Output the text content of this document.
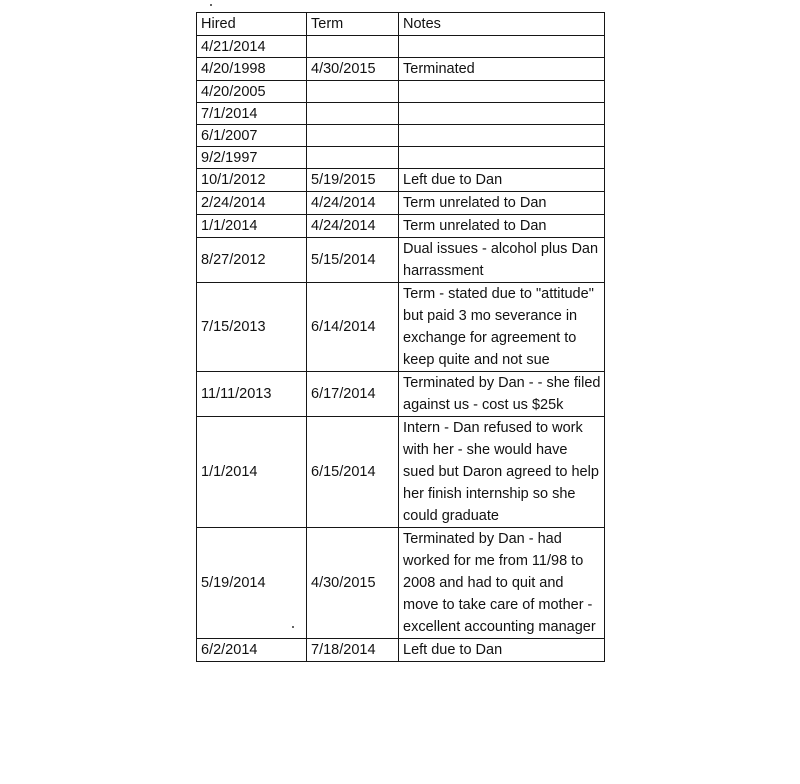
Hired	Term	Notes
4/21/2014		
4/20/1998	4/30/2015	Terminated
4/20/2005		
7/1/2014		
6/1/2007		
9/2/1997		
10/1/2012	5/19/2015	Left due to Dan
2/24/2014	4/24/2014	Term unrelated to Dan
1/1/2014	4/24/2014	Term unrelated to Dan
8/27/2012	5/15/2014	Dual issues - alcohol plus Dan harrassment
7/15/2013	6/14/2014	Term - stated due to "attitude" but paid 3 mo severance in exchange for agreement to keep quite and not sue
11/11/2013	6/17/2014	Terminated by Dan - - she filed against us - cost us $25k
1/1/2014	6/15/2014	Intern - Dan refused to work with her - she would have sued but Daron agreed to help her finish internship so she could graduate
5/19/2014	4/30/2015	Terminated by Dan - had worked for me from 11/98 to 2008 and had to quit and move to take care of mother - excellent accounting manager
6/2/2014	7/18/2014	Left due to Dan
